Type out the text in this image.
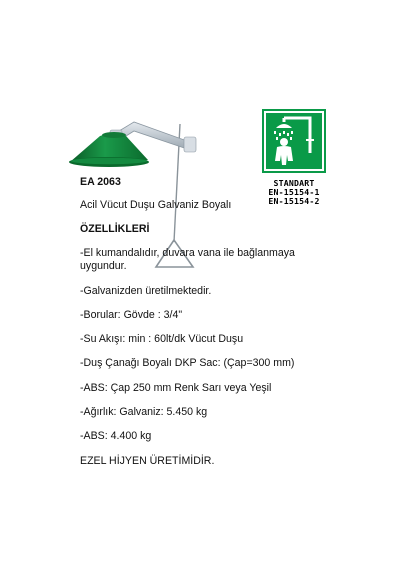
STANDART
EN-15154-1
EN-15154-2
EA 2063
Acil Vücut Duşu Galvaniz Boyalı
ÖZELLİKLERİ
-El kumandalıdır, duvara vana ile bağlanmaya uygundur.
-Galvanizden üretilmektedir.
-Borular: Gövde : 3/4"
-Su Akışı: min : 60lt/dk Vücut Duşu
-Duş Çanağı Boyalı DKP Sac: (Çap=300 mm)
-ABS: Çap 250 mm Renk Sarı veya Yeşil
-Ağırlık: Galvaniz: 5.450 kg
-ABS: 4.400 kg
EZEL HİJYEN ÜRETİMİDİR.
